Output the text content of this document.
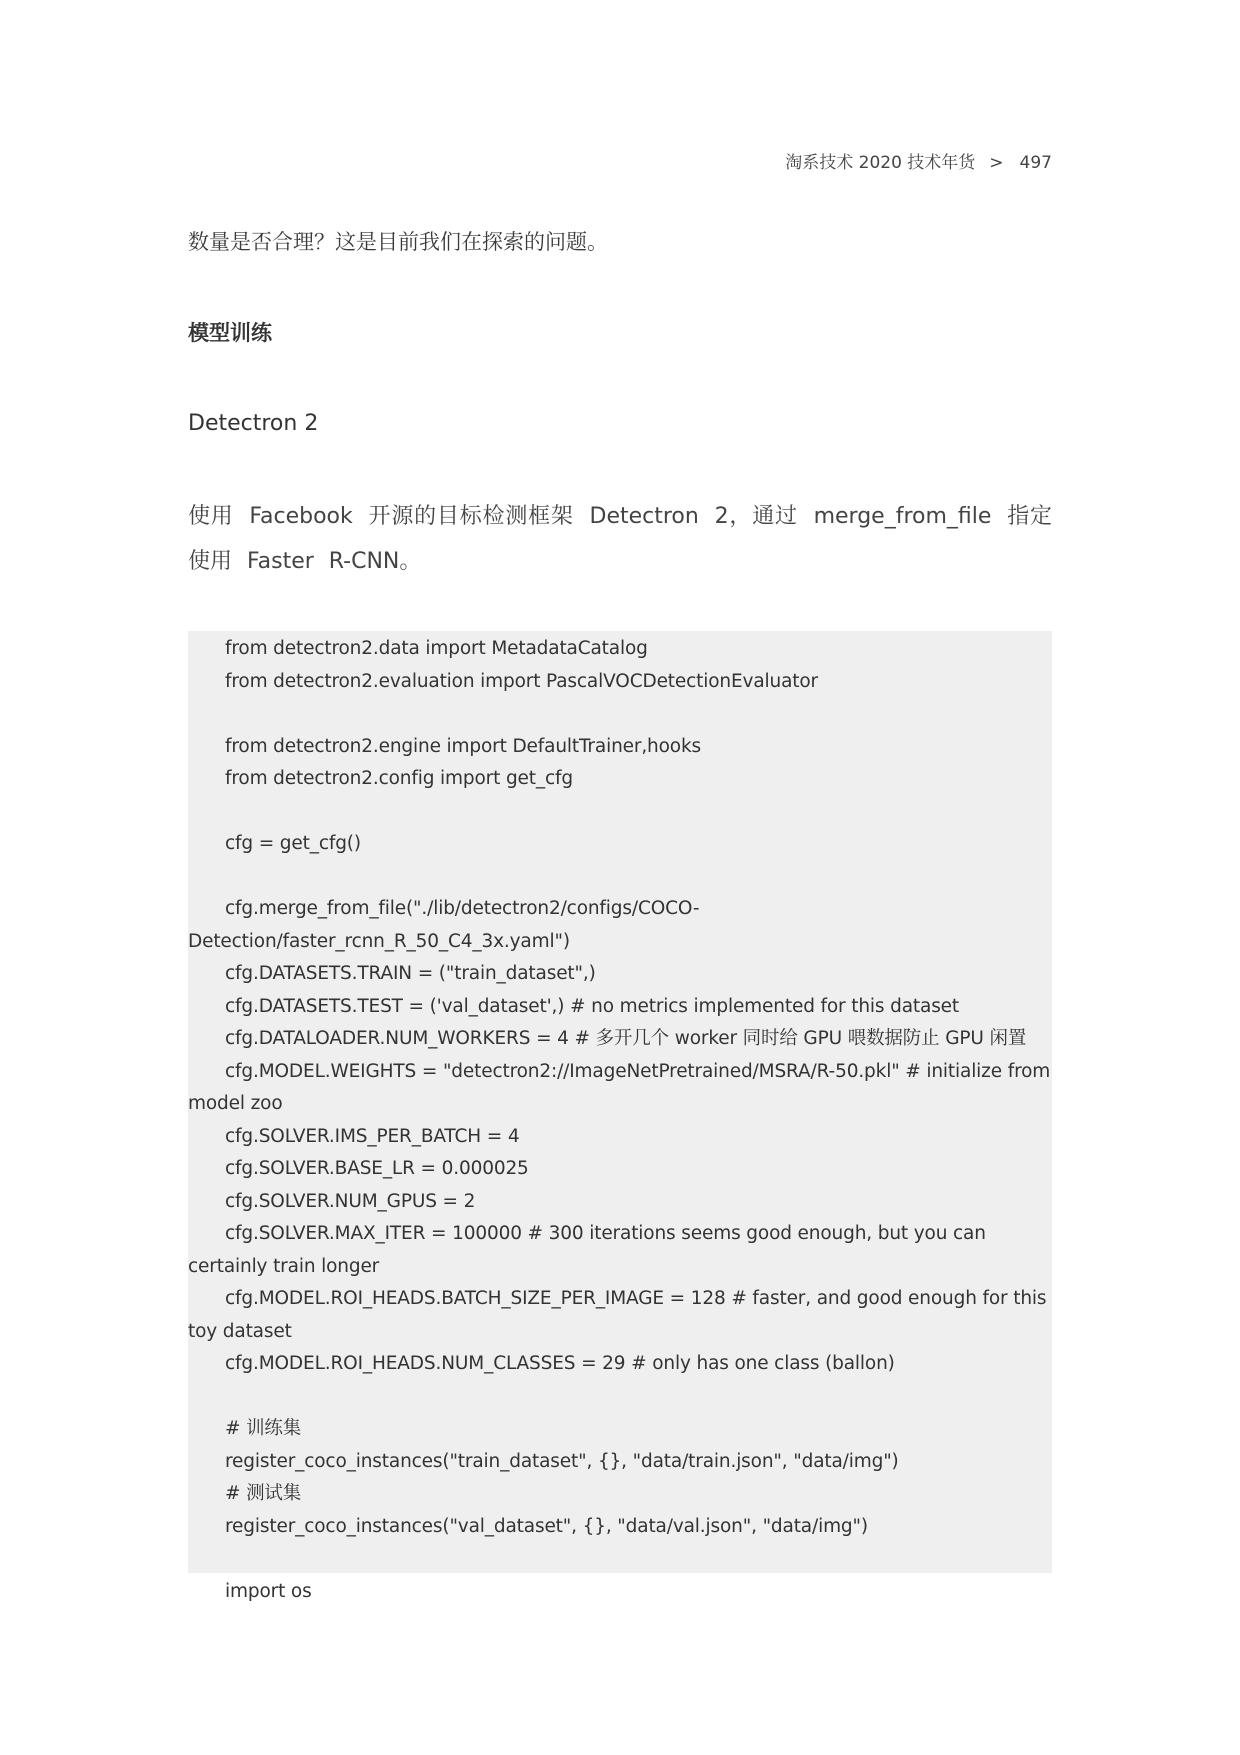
淘系技术 2020 技术年货 > 497
数量是否合理？这是目前我们在探索的问题。
模型训练
Detectron 2
使用 Facebook 开源的目标检测框架 Detectron 2，通过 merge_from_file 指定使用 Faster R-CNN。
from detectron2.data import MetadataCatalog
from detectron2.evaluation import PascalVOCDetectionEvaluator
from detectron2.engine import DefaultTrainer,hooks
from detectron2.config import get_cfg
cfg = get_cfg()
cfg.merge_from_file("./lib/detectron2/configs/COCO-Detection/faster_rcnn_R_50_C4_3x.yaml")
cfg.DATASETS.TRAIN = ("train_dataset",)
cfg.DATASETS.TEST = ('val_dataset',) # no metrics implemented for this dataset
cfg.DATALOADER.NUM_WORKERS = 4 # 多开几个 worker 同时给 GPU 喂数据防止 GPU 闲置
cfg.MODEL.WEIGHTS = "detectron2://ImageNetPretrained/MSRA/R-50.pkl" # initialize from model zoo
cfg.SOLVER.IMS_PER_BATCH = 4
cfg.SOLVER.BASE_LR = 0.000025
cfg.SOLVER.NUM_GPUS = 2
cfg.SOLVER.MAX_ITER = 100000 # 300 iterations seems good enough, but you can certainly train longer
cfg.MODEL.ROI_HEADS.BATCH_SIZE_PER_IMAGE = 128 # faster, and good enough for this toy dataset
cfg.MODEL.ROI_HEADS.NUM_CLASSES = 29 # only has one class (ballon)
# 训练集
register_coco_instances("train_dataset", {}, "data/train.json", "data/img")
# 测试集
register_coco_instances("val_dataset", {}, "data/val.json", "data/img")
import os
